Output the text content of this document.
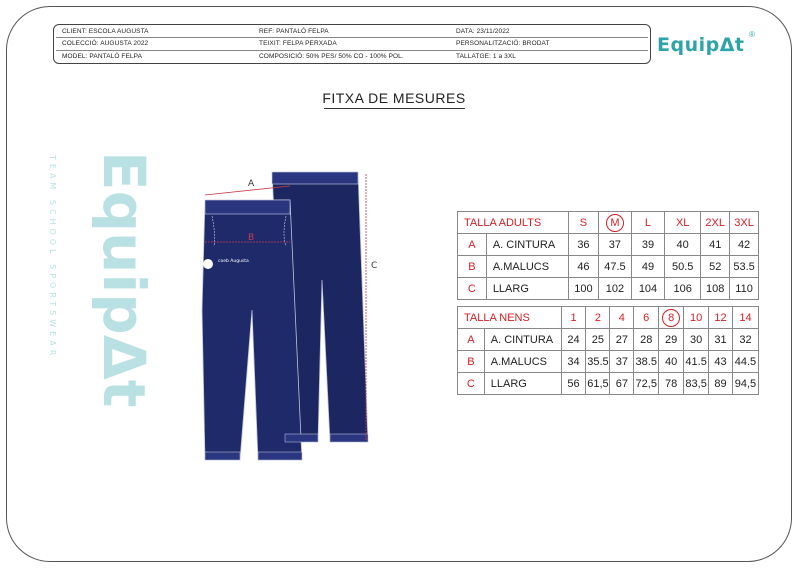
CLIENT: ESCOLA AUGUSTA
COLECCIÓ: AUGUSTA 2022
MODEL: PANTALÓ FELPA
REF: PANTALÓ FELPA
TEIXIT: FELPA PERXADA
COMPOSICIÓ: 50% PES/ 50% CO - 100% POL.
DATA: 23/11/2022
PERSONALITZACIÓ: BRODAT
TALLATGE: 1 a 3XL
EquipΔt ®
FITXA DE MESURES
EquipΔt
TEAM SCHOOL SPORTSWEAR	coeb Augusta
A
B
C
TALLA ADULTS		S	M	L	XL	2XL	3XL
A	A. CINTURA	36	37	39	40	41	42
B	A.MALUCS	46	47.5	49	50.5	52	53.5
C	LLARG	100	102	104	106	108	110
TALLA NENS		1	2	4	6	8	10	12	14
A	A. CINTURA	24	25	27	28	29	30	31	32
B	A.MALUCS	34	35.5	37	38.5	40	41.5	43	44.5
C	LLARG	56	61,5	67	72,5	78	83,5	89	94,5
